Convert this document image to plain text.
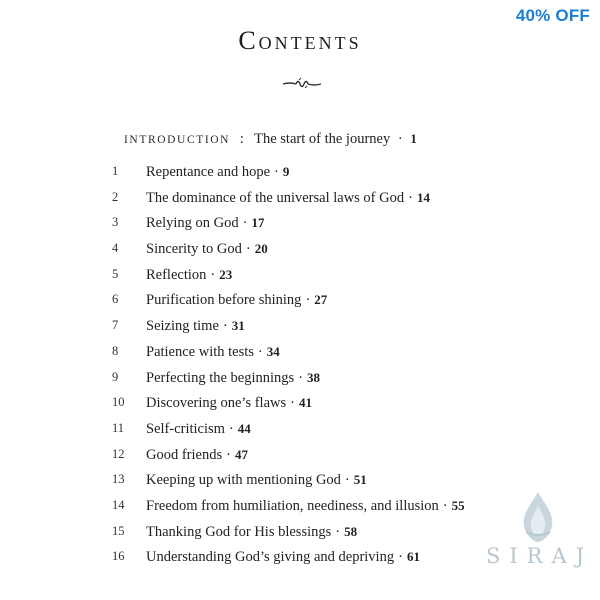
40% OFF
Contents
INTRODUCTION : The start of the journey · 1
1	Repentance and hope · 9
2	The dominance of the universal laws of God · 14
3	Relying on God · 17
4	Sincerity to God · 20
5	Reflection · 23
6	Purification before shining · 27
7	Seizing time · 31
8	Patience with tests · 34
9	Perfecting the beginnings · 38
10	Discovering one’s flaws · 41
11	Self-criticism · 44
12	Good friends · 47
13	Keeping up with mentioning God · 51
14	Freedom from humiliation, neediness, and illusion · 55
15	Thanking God for His blessings · 58
16	Understanding God’s giving and depriving · 61	SIRAJ
